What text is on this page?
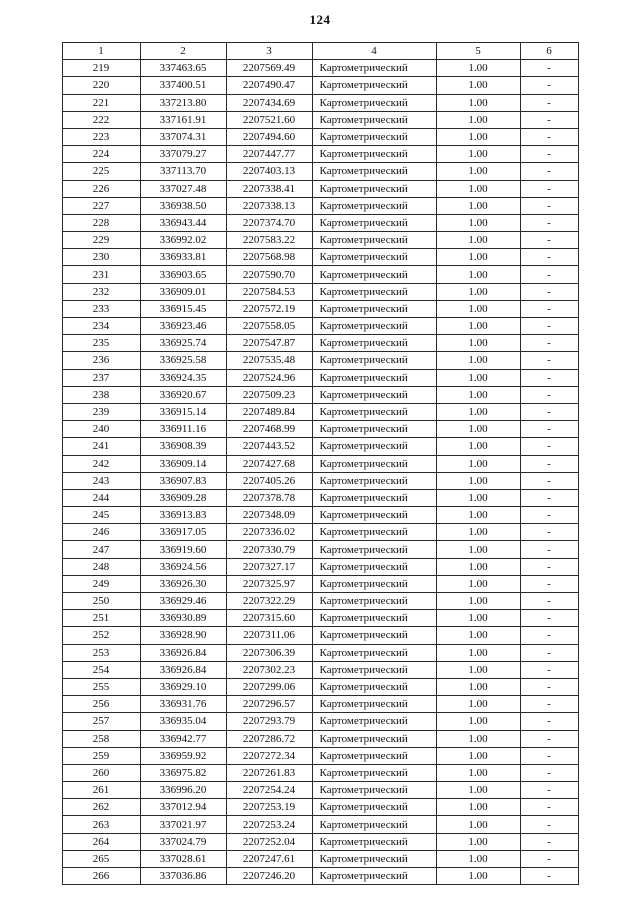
124
1	2	3	4	5	6
219	337463.65	2207569.49	Картометрический	1.00	-
220	337400.51	2207490.47	Картометрический	1.00	-
221	337213.80	2207434.69	Картометрический	1.00	-
222	337161.91	2207521.60	Картометрический	1.00	-
223	337074.31	2207494.60	Картометрический	1.00	-
224	337079.27	2207447.77	Картометрический	1.00	-
225	337113.70	2207403.13	Картометрический	1.00	-
226	337027.48	2207338.41	Картометрический	1.00	-
227	336938.50	2207338.13	Картометрический	1.00	-
228	336943.44	2207374.70	Картометрический	1.00	-
229	336992.02	2207583.22	Картометрический	1.00	-
230	336933.81	2207568.98	Картометрический	1.00	-
231	336903.65	2207590.70	Картометрический	1.00	-
232	336909.01	2207584.53	Картометрический	1.00	-
233	336915.45	2207572.19	Картометрический	1.00	-
234	336923.46	2207558.05	Картометрический	1.00	-
235	336925.74	2207547.87	Картометрический	1.00	-
236	336925.58	2207535.48	Картометрический	1.00	-
237	336924.35	2207524.96	Картометрический	1.00	-
238	336920.67	2207509.23	Картометрический	1.00	-
239	336915.14	2207489.84	Картометрический	1.00	-
240	336911.16	2207468.99	Картометрический	1.00	-
241	336908.39	2207443.52	Картометрический	1.00	-
242	336909.14	2207427.68	Картометрический	1.00	-
243	336907.83	2207405.26	Картометрический	1.00	-
244	336909.28	2207378.78	Картометрический	1.00	-
245	336913.83	2207348.09	Картометрический	1.00	-
246	336917.05	2207336.02	Картометрический	1.00	-
247	336919.60	2207330.79	Картометрический	1.00	-
248	336924.56	2207327.17	Картометрический	1.00	-
249	336926.30	2207325.97	Картометрический	1.00	-
250	336929.46	2207322.29	Картометрический	1.00	-
251	336930.89	2207315.60	Картометрический	1.00	-
252	336928.90	2207311.06	Картометрический	1.00	-
253	336926.84	2207306.39	Картометрический	1.00	-
254	336926.84	2207302.23	Картометрический	1.00	-
255	336929.10	2207299.06	Картометрический	1.00	-
256	336931.76	2207296.57	Картометрический	1.00	-
257	336935.04	2207293.79	Картометрический	1.00	-
258	336942.77	2207286.72	Картометрический	1.00	-
259	336959.92	2207272.34	Картометрический	1.00	-
260	336975.82	2207261.83	Картометрический	1.00	-
261	336996.20	2207254.24	Картометрический	1.00	-
262	337012.94	2207253.19	Картометрический	1.00	-
263	337021.97	2207253.24	Картометрический	1.00	-
264	337024.79	2207252.04	Картометрический	1.00	-
265	337028.61	2207247.61	Картометрический	1.00	-
266	337036.86	2207246.20	Картометрический	1.00	-
